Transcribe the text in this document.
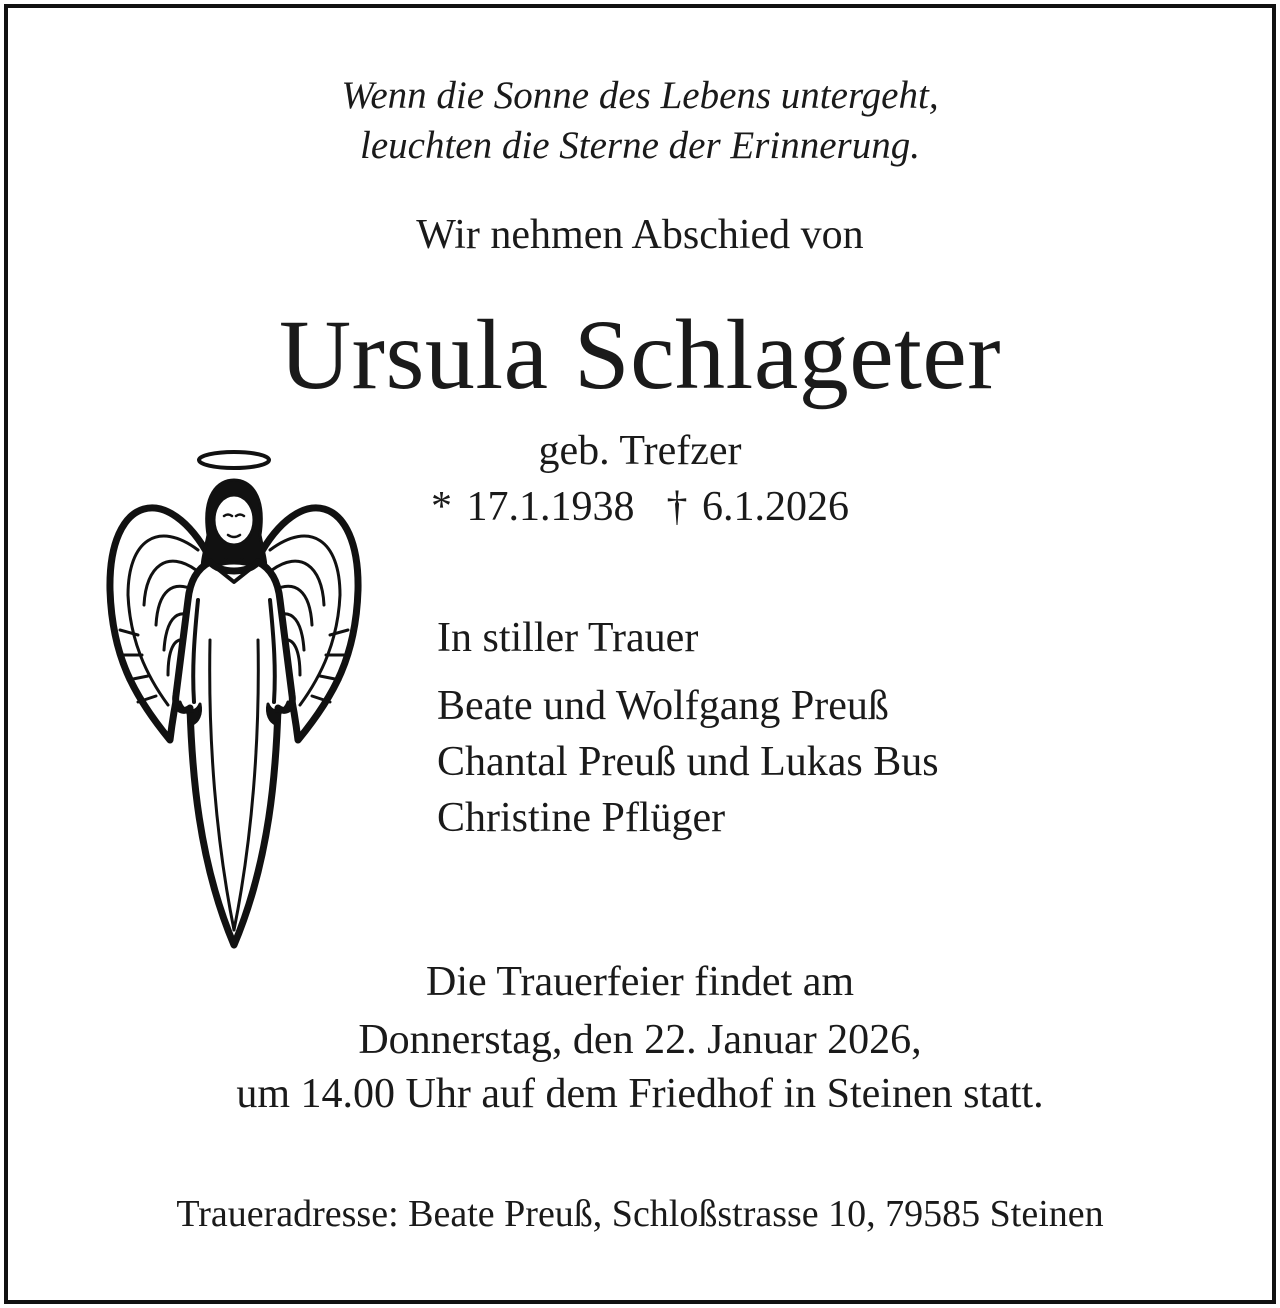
Wenn die Sonne des Lebens untergeht,

leuchten die Sterne der Erinnerung.

Wir nehmen Abschied von

Ursula Schlageter

geb. Trefzer

* 17.1.1938 † 6.1.2026

In stiller Trauer
Beate und Wolfgang Preuß
Chantal Preuß und Lukas Bus
Christine Pflüger

Die Trauerfeier findet am

Donnerstag, den 22. Januar 2026,

um 14.00 Uhr auf dem Friedhof in Steinen statt.

Traueradresse: Beate Preuß, Schloßstrasse 10, 79585 Steinen
